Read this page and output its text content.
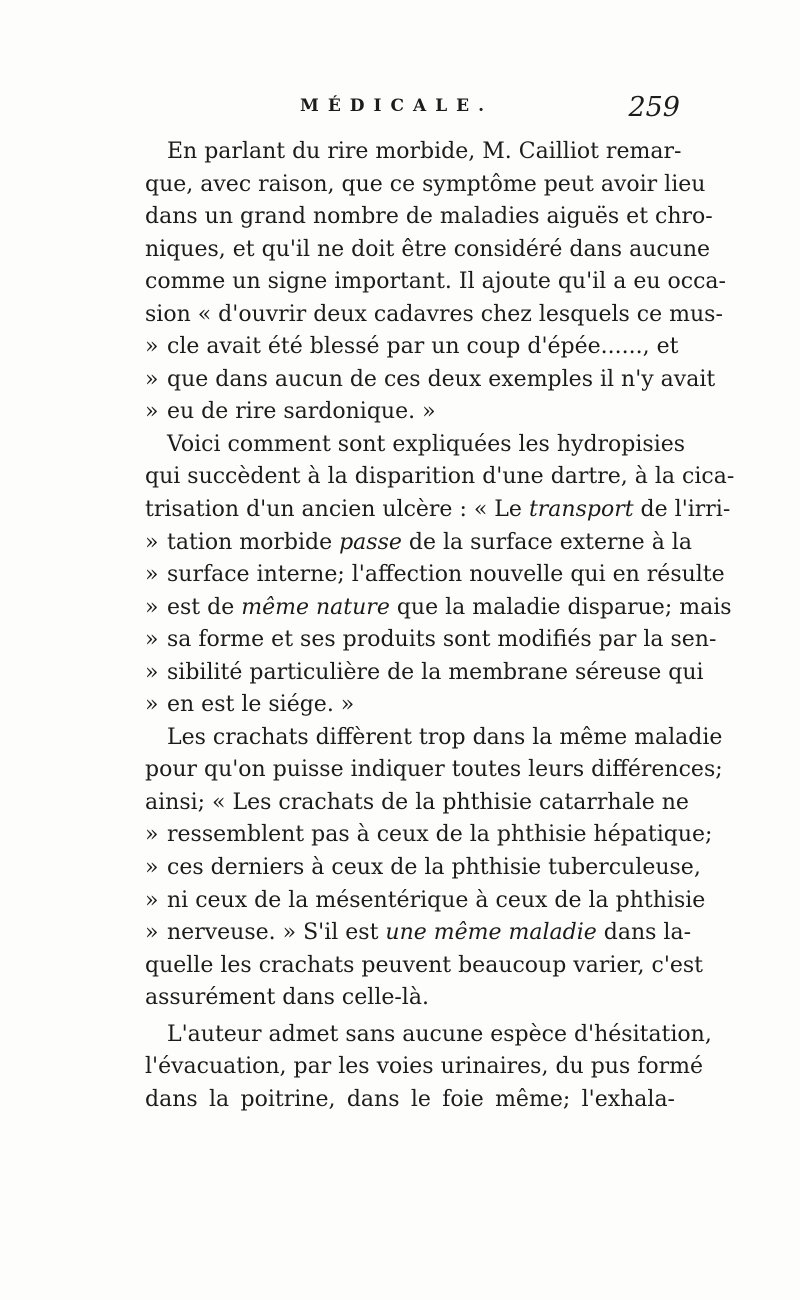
MÉDICALE.	259
En parlant du rire morbide, M. Cailliot remar-
que, avec raison, que ce symptôme peut avoir lieu
dans un grand nombre de maladies aiguës et chro-
niques, et qu'il ne doit être considéré dans aucune
comme un signe important. Il ajoute qu'il a eu occa-
sion « d'ouvrir deux cadavres chez lesquels ce mus-
» cle avait été blessé par un coup d'épée......, et
» que dans aucun de ces deux exemples il n'y avait
» eu de rire sardonique. »
Voici comment sont expliquées les hydropisies
qui succèdent à la disparition d'une dartre, à la cica-
trisation d'un ancien ulcère : « Le transport de l'irri-
» tation morbide passe de la surface externe à la
» surface interne; l'affection nouvelle qui en résulte
» est de même nature que la maladie disparue; mais
» sa forme et ses produits sont modifiés par la sen-
» sibilité particulière de la membrane séreuse qui
» en est le siége. »
Les crachats diffèrent trop dans la même maladie
pour qu'on puisse indiquer toutes leurs différences;
ainsi; « Les crachats de la phthisie catarrhale ne
» ressemblent pas à ceux de la phthisie hépatique;
» ces derniers à ceux de la phthisie tuberculeuse,
» ni ceux de la mésentérique à ceux de la phthisie
» nerveuse. » S'il est une même maladie dans la-
quelle les crachats peuvent beaucoup varier, c'est
assurément dans celle-là.
L'auteur admet sans aucune espèce d'hésitation,
l'évacuation, par les voies urinaires, du pus formé
dans la poitrine, dans le foie même; l'exhala-
